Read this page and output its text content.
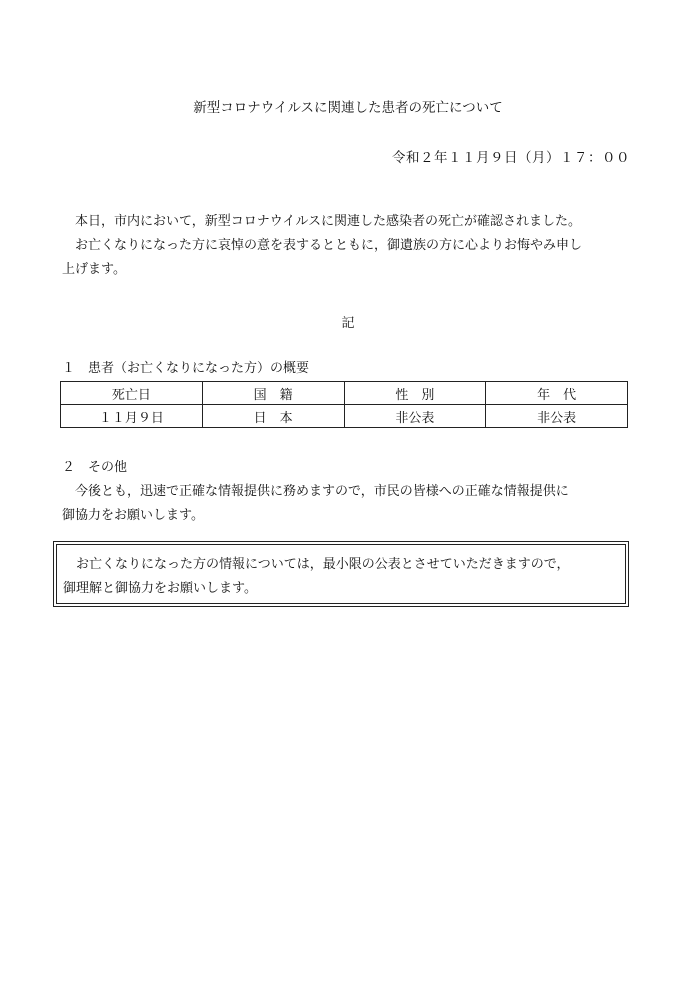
新型コロナウイルスに関連した患者の死亡について
令和２年１１月９日（月）１７：００
　本日，市内において，新型コロナウイルスに関連した感染者の死亡が確認されました。
　お亡くなりになった方に哀悼の意を表するとともに，御遺族の方に心よりお悔やみ申し
上げます。
記
１　患者（お亡くなりになった方）の概要
死亡日	国　籍	性　別	年　代
１１月９日	日　本	非公表	非公表
２　その他
　今後とも，迅速で正確な情報提供に務めますので，市民の皆様への正確な情報提供に
御協力をお願いします。
　お亡くなりになった方の情報については，最小限の公表とさせていただきますので，
御理解と御協力をお願いします。
